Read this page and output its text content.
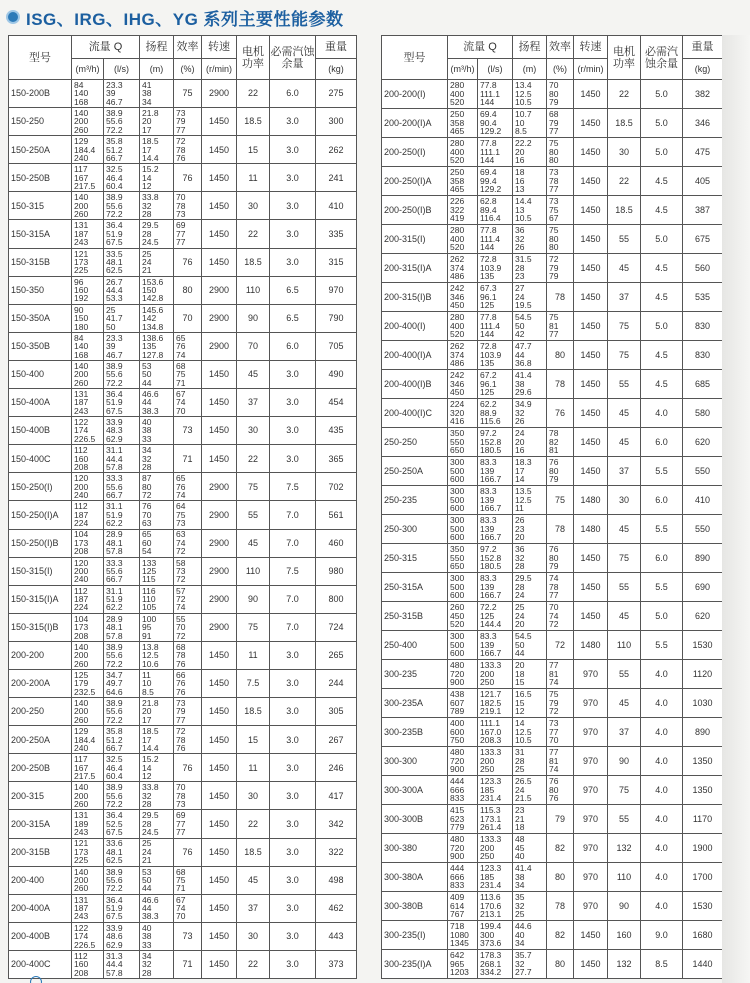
ISG、IRG、IHG、YG 系列主要性能参数
型号	流量 Q		扬程	效率	转速	电机功率	必需汽蚀余量	重量
	(m³/h)	(l/s)	(m)	(%)	(r/min)			(kg)
150-200B	84
140
168	23.3
39
46.7	41
38
34	75	2900	22	6.0	275
150-250	140
200
260	38.9
55.6
72.2	21.8
20
17	73
79
77	1450	18.5	3.0	300
150-250A	129
184.4
240	35.8
51.2
66.7	18.5
17
14.4	72
78
76	1450	15	3.0	262
150-250B	117
167
217.5	32.5
46.4
60.4	15.2
14
12	76	1450	11	3.0	241
150-315	140
200
260	38.9
55.6
72.2	33.8
32
28	70
78
73	1450	30	3.0	410
150-315A	131
187
243	36.4
51.9
67.5	29.5
28
24.5	69
77
77	1450	22	3.0	335
150-315B	121
173
225	33.5
48.1
62.5	25
24
21	76	1450	18.5	3.0	315
150-350	96
160
192	26.7
44.4
53.3	153.6
150
142.8	80	2900	110	6.5	970
150-350A	90
150
180	25
41.7
50	145.6
142
134.8	70	2900	90	6.5	790
150-350B	84
140
168	23.3
39
46.7	138.6
135
127.8	65
76
74	2900	70	6.0	705
150-400	140
200
260	38.9
55.6
72.2	53
50
44	68
75
71	1450	45	3.0	490
150-400A	131
187
243	36.4
51.9
67.5	46.6
44
38.3	67
74
70	1450	37	3.0	454
150-400B	122
174
226.5	33.9
48.3
62.9	40
38
33	73	1450	30	3.0	435
150-400C	112
160
208	31.1
44.4
57.8	34
32
28	71	1450	22	3.0	365
150-250(I)	120
200
240	33.3
55.6
66.7	87
80
72	65
76
74	2900	75	7.5	702
150-250(I)A	112
187
224	31.1
51.9
62.2	76
70
63	64
75
73	2900	55	7.0	561
150-250(I)B	104
173
208	28.9
48.1
57.8	65
60
54	63
74
72	2900	45	7.0	460
150-315(I)	120
200
240	33.3
55.6
66.7	133
125
115	58
73
72	2900	110	7.5	980
150-315(I)A	112
187
224	31.1
51.9
62.2	116
110
105	57
72
74	2900	90	7.0	800
150-315(I)B	104
173
208	28.9
48.1
57.8	100
95
91	55
70
72	2900	75	7.0	724
200-200	140
200
260	38.9
55.6
72.2	13.8
12.5
10.6	68
78
76	1450	11	3.0	265
200-200A	125
179
232.5	34.7
49.7
64.6	11
10
8.5	66
76
76	1450	7.5	3.0	244
200-250	140
200
260	38.9
55.6
72.2	21.8
20
17	73
79
77	1450	18.5	3.0	305
200-250A	129
184.4
240	35.8
51.2
66.7	18.5
17
14.4	72
78
76	1450	15	3.0	267
200-250B	117
167
217.5	32.5
46.4
60.4	15.2
14
12	76	1450	11	3.0	246
200-315	140
200
260	38.9
55.6
72.2	33.8
32
28	70
78
73	1450	30	3.0	417
200-315A	131
189
243	36.4
52.5
67.5	29.5
28
24.5	69
77
77	1450	22	3.0	342
200-315B	121
173
225	33.6
48.1
62.5	25
24
21	76	1450	18.5	3.0	322
200-400	140
200
260	38.9
55.6
72.2	53
50
44	68
75
71	1450	45	3.0	498
200-400A	131
187
243	36.4
51.9
67.5	46.6
44
38.3	67
74
70	1450	37	3.0	462
200-400B	122
174
226.5	33.9
48.6
62.9	40
38
33	73	1450	30	3.0	443
200-400C	112
160
208	31.3
44.4
57.8	34
32
28	71	1450	22	3.0	373
型号	流量 Q		扬程	效率	转速	电机功率	必需汽蚀余量	重量
	(m³/h)	(l/s)	(m)	(%)	(r/min)			(kg)
200-200(I)	280
400
520	77.8
111.1
144	13.4
12.5
10.5	70
80
79	1450	22	5.0	382
200-200(I)A	250
358
465	69.4
90.4
129.2	10.7
10
8.5	68
79
77	1450	18.5	5.0	346
200-250(I)	280
400
520	77.8
111.1
144	22.2
20
16	75
80
80	1450	30	5.0	475
200-250(I)A	250
358
465	69.4
99.4
129.2	18
16
13	73
78
77	1450	22	4.5	405
200-250(I)B	226
322
419	62.8
89.4
116.4	14.4
13
10.5	73
75
67	1450	18.5	4.5	387
200-315(I)	280
400
520	77.8
111.4
144	36
32
26	75
80
80	1450	55	5.0	675
200-315(I)A	262
374
486	72.8
103.9
135	31.5
28
23	72
79
79	1450	45	4.5	560
200-315(I)B	242
346
450	67.3
96.1
125	27
24
19.5	78	1450	37	4.5	535
200-400(I)	280
400
520	77.8
111.4
144	54.5
50
42	75
81
77	1450	75	5.0	830
200-400(I)A	262
374
486	72.8
103.9
135	47.7
44
36.8	80	1450	75	4.5	830
200-400(I)B	242
346
450	67.2
96.1
125	41.4
38
29.6	78	1450	55	4.5	685
200-400(I)C	224
320
416	62.2
88.9
115.6	34.9
32
26	76	1450	45	4.0	580
250-250	350
550
650	97.2
152.8
180.5	24
20
16	78
82
81	1450	45	6.0	620
250-250A	300
500
600	83.3
139
166.7	18.3
17
14	76
80
79	1450	37	5.5	550
250-235	300
500
600	83.3
139
166.7	13.5
12.5
11	75	1480	30	6.0	410
250-300	300
500
600	83.3
139
166.7	26
23
20	78	1480	45	5.5	550
250-315	350
550
650	97.2
152.8
180.5	36
32
28	76
80
79	1450	75	6.0	890
250-315A	300
500
600	83.3
139
166.7	29.5
28
24	74
78
77	1450	55	5.5	690
250-315B	260
450
520	72.2
125
144.4	25
24
20	70
74
72	1450	45	5.0	620
250-400	300
500
600	83.3
139
166.7	54.5
50
44	72	1480	110	5.5	1530
300-235	480
720
900	133.3
200
250	20
18
15	77
81
74	970	55	4.0	1120
300-235A	438
607
789	121.7
182.5
219.1	16.5
15
12	75
79
72	970	45	4.0	1030
300-235B	400
600
750	111.1
167.0
208.3	14
12.5
10.5	73
77
70	970	37	4.0	890
300-300	480
720
900	133.3
200
250	31
28
25	77
81
74	970	90	4.0	1350
300-300A	444
666
833	123.3
185
231.4	26.5
24
21.5	76
80
76	970	75	4.0	1350
300-300B	415
623
779	115.3
173.1
261.4	23
21
18	79	970	55	4.0	1170
300-380	480
720
900	133.3
200
250	48
45
40	82	970	132	4.0	1900
300-380A	444
666
833	123.3
185
231.4	41.4
38
34	80	970	110	4.0	1700
300-380B	409
614
767	113.6
170.6
213.1	35
32
25	78	970	90	4.0	1530
300-235(I)	718
1080
1345	199.4
300
373.6	44.6
40
34	82	1450	160	9.0	1680
300-235(I)A	642
965
1203	178.3
268.1
334.2	35.7
32
27.7	80	1450	132	8.5	1440
